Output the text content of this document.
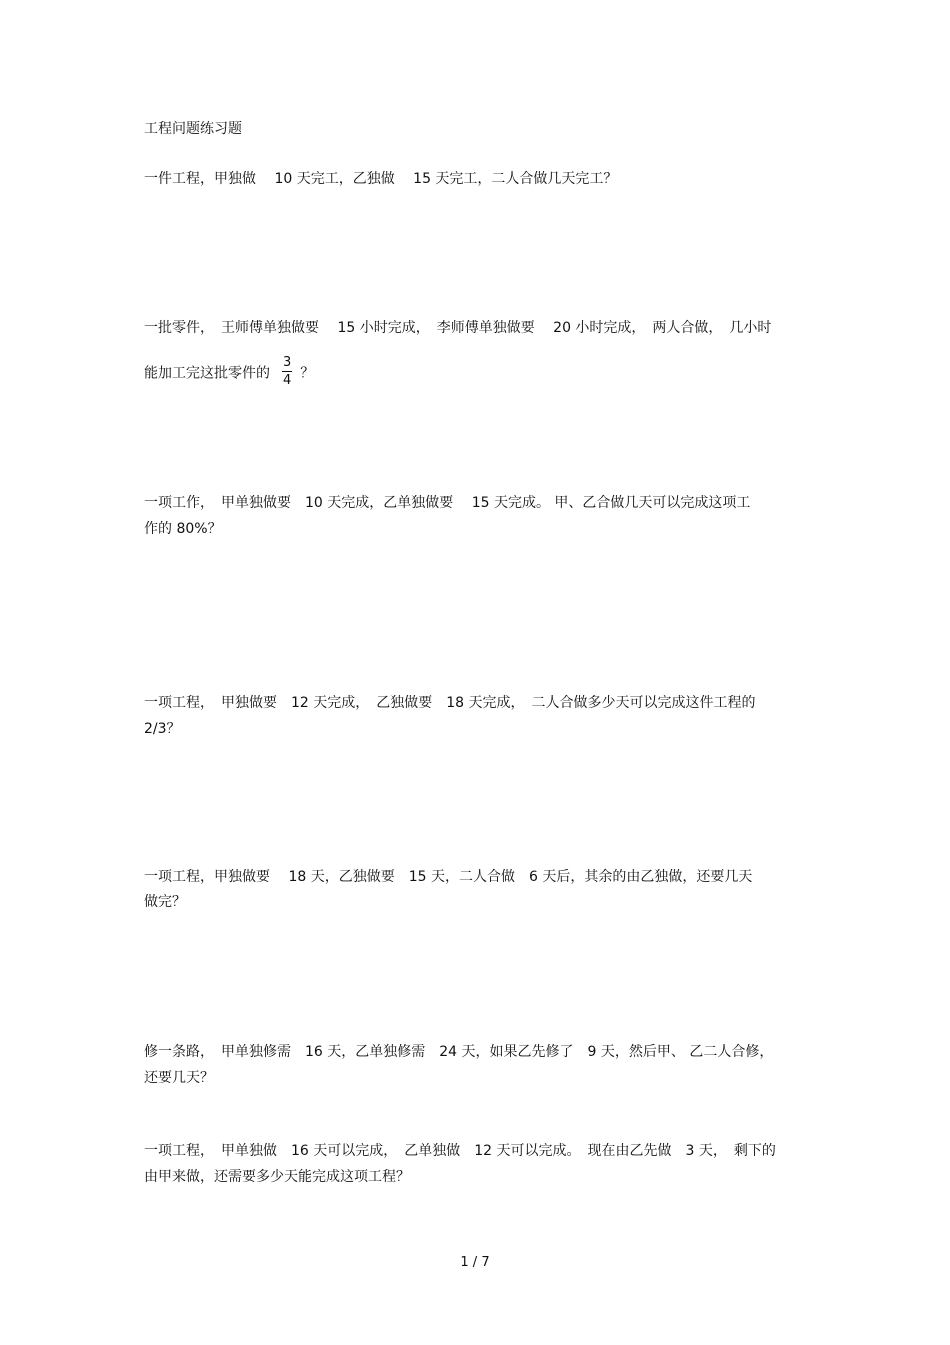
工程问题练习题
一件工程，甲独做　 10 天完工，乙独做　 15 天完工，二人合做几天完工？
一批零件，　王师傅单独做要　 15 小时完成，　李师傅单独做要　 20 小时完成，　两人合做，　几小时
能加工完这批零件的 $\frac{3}{4}$ ？
一项工作，　甲单独做要　10 天完成，乙单独做要　 15 天完成。 甲、乙合做几天可以完成这项工
作的 80%？
一项工程，　甲独做要　12 天完成，　乙独做要　18 天完成，　二人合做多少天可以完成这件工程的
2/3？
一项工程，甲独做要　 18 天，乙独做要　15 天，二人合做　6 天后，其余的由乙独做，还要几天
做完？
修一条路，　甲单独修需　16 天，乙单独修需　24 天，如果乙先修了　9 天，然后甲、 乙二人合修，
还要几天？
一项工程，　甲单独做　16 天可以完成，　乙单独做　12 天可以完成。　现在由乙先做　3 天，　剩下的
由甲来做，还需要多少天能完成这项工程？
1 / 7
